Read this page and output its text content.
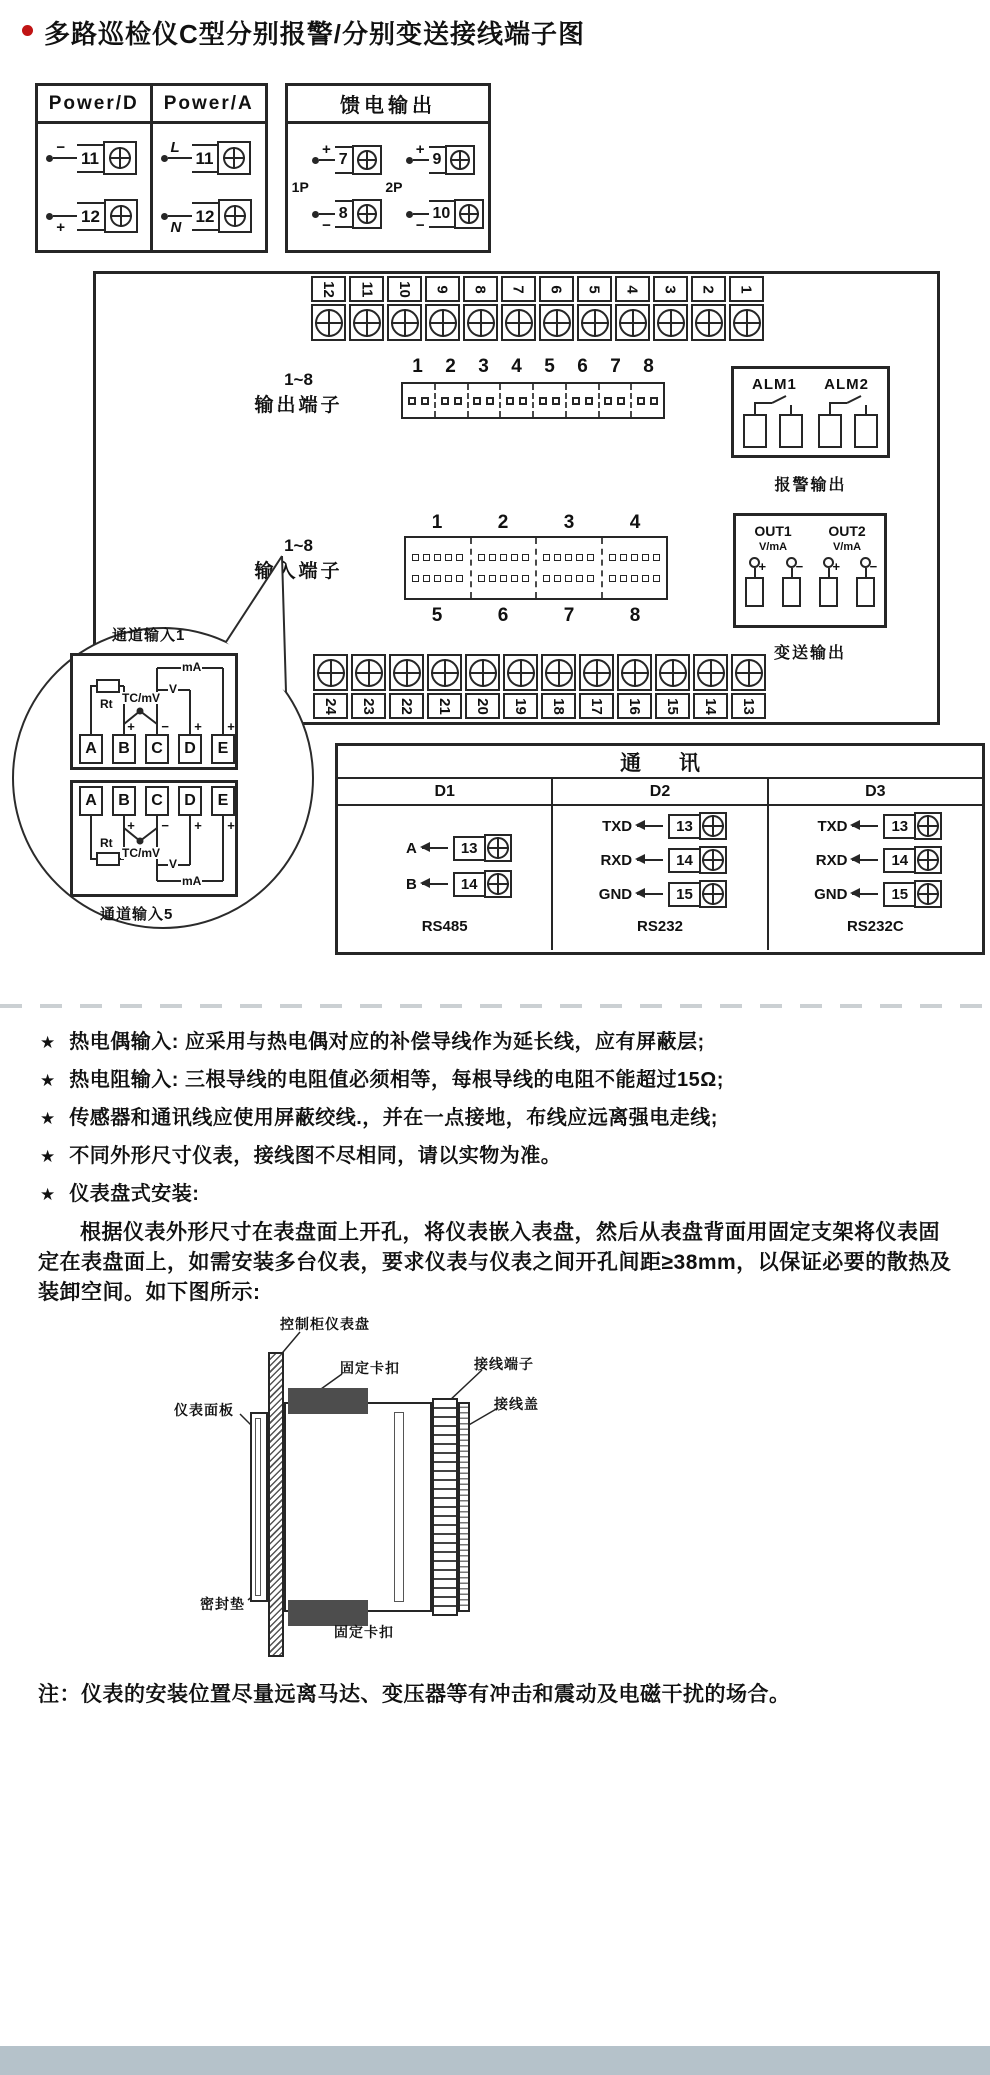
多路巡检仪C型分别报警/分别变送接线端子图
Power/D
−
11
+
12
Power/A
L
11
N
12
馈电输出
1P
+
7
−
8
2P
+
9
−
10
12 11 10 9 8 7 6 5 4 3 2 1
1~8
输出端子
1	2	3	4	5	6	7	8
ALM1 ALM2
报警输出
1~8
输入端子
1	2	3	4
5	6	7	8
OUT1	OUT2
V/mA	V/mA
+ − + −
变送输出
24 23 22 21 20 19 18 17 16 15 14 13
通道输入1
Rt TC/mV
V
mA
+ − + +
A	B	C	D	E
Rt
TC/mV
V
mA
+ − + +
A	B	C	D	E
通道输入5
通 讯
D1
A	13
B	14
RS485
D2
TXD	13
RXD	14
GND	15
RS232
D3
TXD	13
RXD	14
GND	15
RS232C
★ 热电偶输入: 应采用与热电偶对应的补偿导线作为延长线，应有屏蔽层;
★ 热电阻输入: 三根导线的电阻值必须相等，每根导线的电阻不能超过15Ω;
★ 传感器和通讯线应使用屏蔽绞线.，并在一点接地，布线应远离强电走线;
★ 不同外形尺寸仪表，接线图不尽相同，请以实物为准。
★ 仪表盘式安装:
根据仪表外形尺寸在表盘面上开孔，将仪表嵌入表盘，然后从表盘背面用固定支架将仪表固定在表盘面上，如需安装多台仪表，要求仪表与仪表之间开孔间距≥38mm，以保证必要的散热及装卸空间。如下图所示:
控制柜仪表盘
固定卡扣	接线端子
接线盖
仪表面板
密封垫
固定卡扣
注：仪表的安装位置尽量远离马达、变压器等有冲击和震动及电磁干扰的场合。
